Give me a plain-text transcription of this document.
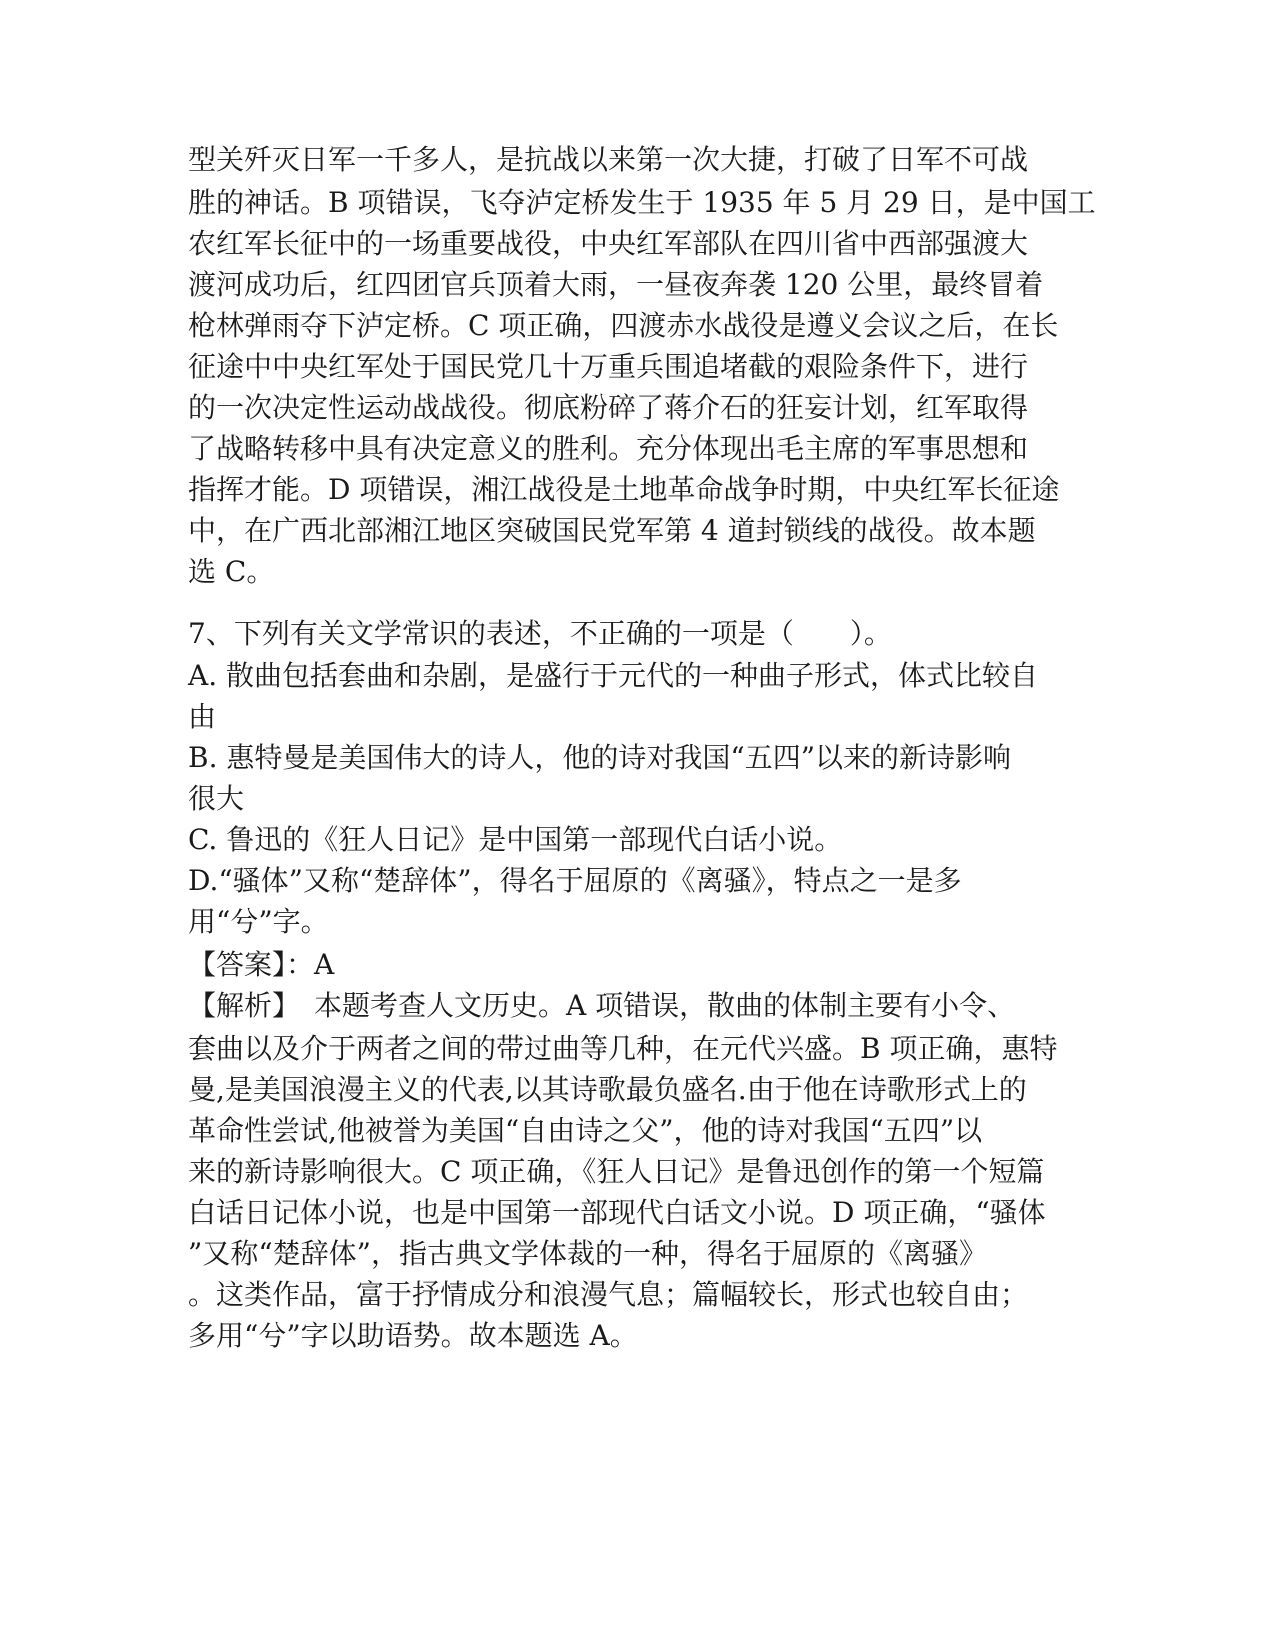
型关歼灭日军一千多人，是抗战以来第一次大捷，打破了日军不可战
胜的神话。B 项错误，飞夺泸定桥发生于 1935 年 5 月 29 日，是中国工
农红军长征中的一场重要战役，中央红军部队在四川省中西部强渡大
渡河成功后，红四团官兵顶着大雨，一昼夜奔袭 120 公里，最终冒着
枪林弹雨夺下泸定桥。C 项正确，四渡赤水战役是遵义会议之后，在长
征途中中央红军处于国民党几十万重兵围追堵截的艰险条件下，进行
的一次决定性运动战战役。彻底粉碎了蒋介石的狂妄计划，红军取得
了战略转移中具有决定意义的胜利。充分体现出毛主席的军事思想和
指挥才能。D 项错误，湘江战役是土地革命战争时期，中央红军长征途
中，在广西北部湘江地区突破国民党军第 4 道封锁线的战役。故本题
选 C。
7、下列有关文学常识的表述，不正确的一项是（　　）。
A. 散曲包括套曲和杂剧，是盛行于元代的一种曲子形式，体式比较自
由
B. 惠特曼是美国伟大的诗人，他的诗对我国“五四”以来的新诗影响
很大
C. 鲁迅的《狂人日记》是中国第一部现代白话小说。
D.“骚体”又称“楚辞体”，得名于屈原的《离骚》，特点之一是多
用“兮”字。
【答案】：A
【解析】　本题考查人文历史。A 项错误，散曲的体制主要有小令、
套曲以及介于两者之间的带过曲等几种，在元代兴盛。B 项正确，惠特
曼,是美国浪漫主义的代表,以其诗歌最负盛名.由于他在诗歌形式上的
革命性尝试,他被誉为美国“自由诗之父”，他的诗对我国“五四”以
来的新诗影响很大。C 项正确，《狂人日记》是鲁迅创作的第一个短篇
白话日记体小说，也是中国第一部现代白话文小说。D 项正确，“骚体
”又称“楚辞体”，指古典文学体裁的一种，得名于屈原的《离骚》
。这类作品，富于抒情成分和浪漫气息；篇幅较长，形式也较自由；
多用“兮”字以助语势。故本题选 A。
